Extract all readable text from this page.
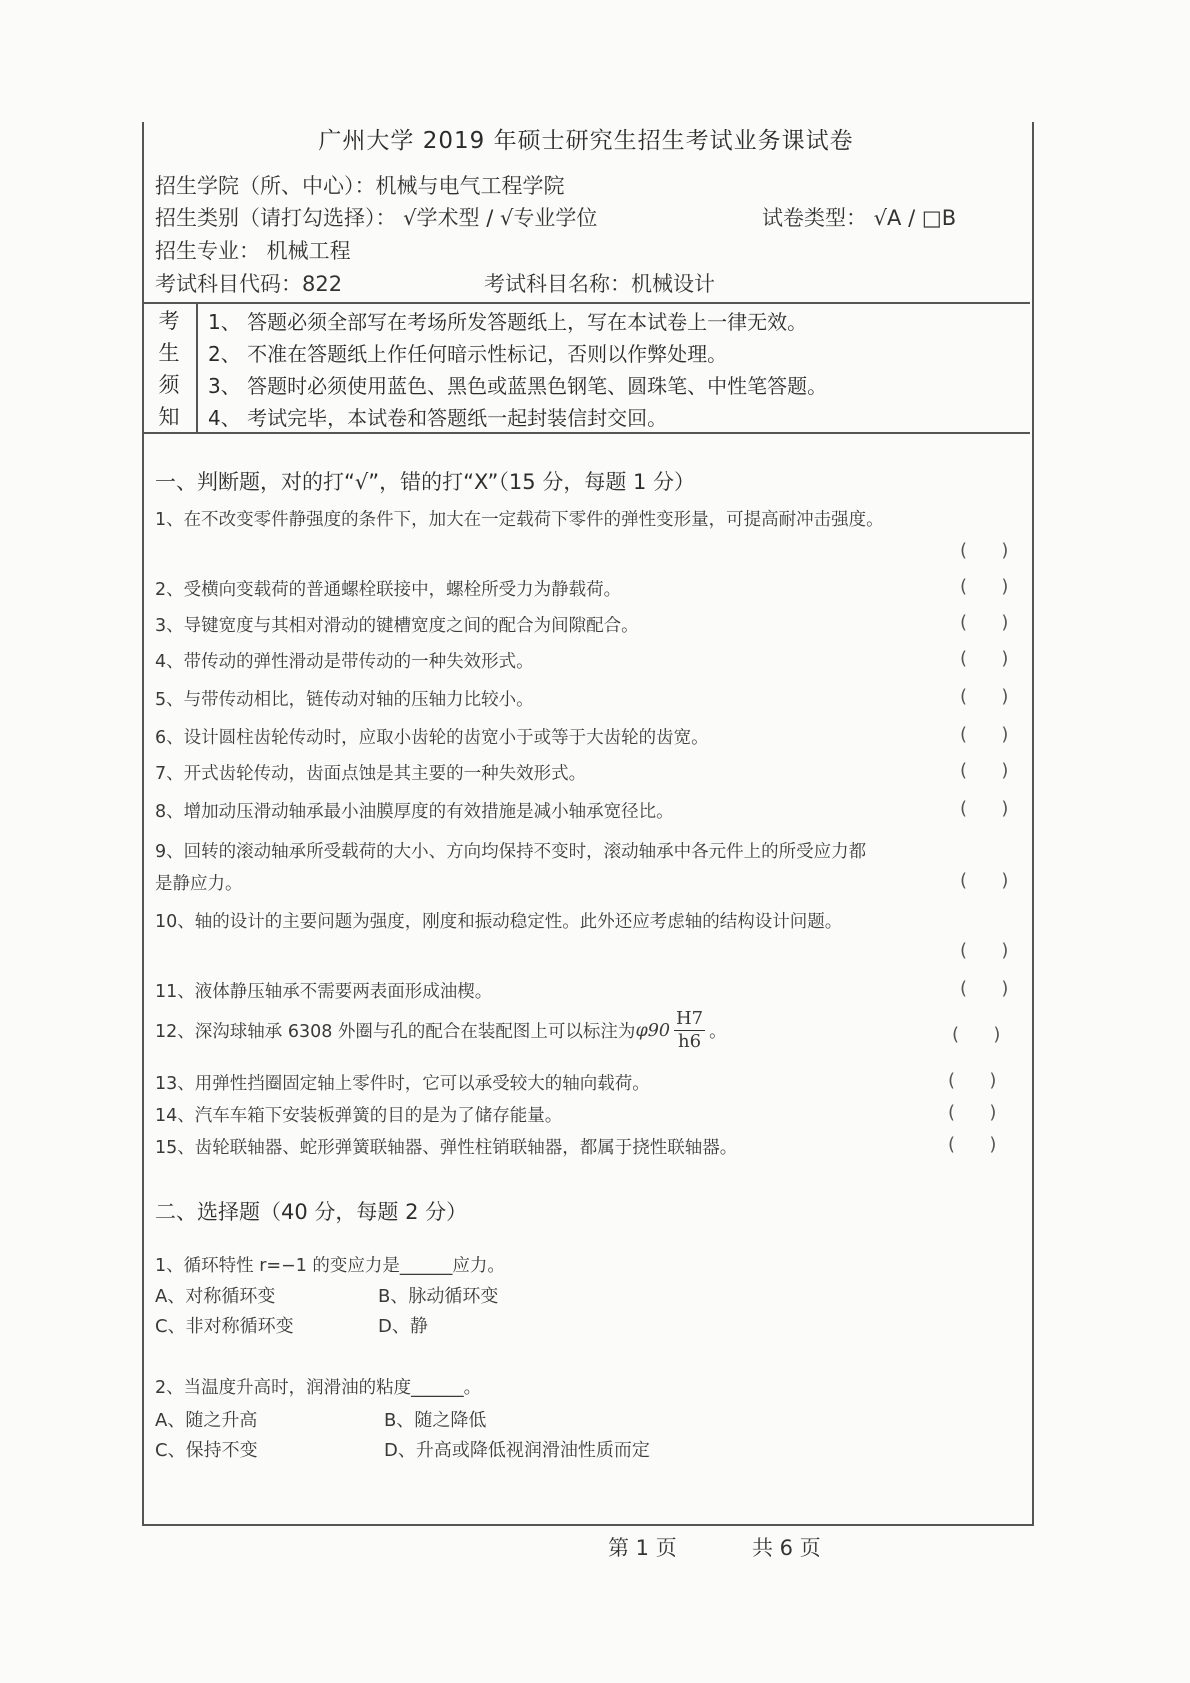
广州大学 2019 年硕士研究生招生考试业务课试卷
招生学院（所、中心）：机械与电气工程学院
招生类别（请打勾选择）： √学术型 / √专业学位	试卷类型： √A / □B
招生专业： 机械工程
考试科目代码：822	考试科目名称：机械设计
考
生
须
知
1、 答题必须全部写在考场所发答题纸上，写在本试卷上一律无效。
2、 不准在答题纸上作任何暗示性标记，否则以作弊处理。
3、 答题时必须使用蓝色、黑色或蓝黑色钢笔、圆珠笔、中性笔答题。
4、 考试完毕，本试卷和答题纸一起封装信封交回。
一、判断题，对的打“√”，错的打“X”（15 分，每题 1 分）
1、在不改变零件静强度的条件下，加大在一定载荷下零件的弹性变形量，可提高耐冲击强度。
(      )
2、受横向变载荷的普通螺栓联接中，螺栓所受力为静载荷。	(      )
3、导键宽度与其相对滑动的键槽宽度之间的配合为间隙配合。	(      )
4、带传动的弹性滑动是带传动的一种失效形式。	(      )
5、与带传动相比，链传动对轴的压轴力比较小。	(      )
6、设计圆柱齿轮传动时，应取小齿轮的齿宽小于或等于大齿轮的齿宽。	(      )
7、开式齿轮传动，齿面点蚀是其主要的一种失效形式。	(      )
8、增加动压滑动轴承最小油膜厚度的有效措施是减小轴承宽径比。	(      )
9、回转的滚动轴承所受载荷的大小、方向均保持不变时，滚动轴承中各元件上的所受应力都
是静应力。	(      )
10、轴的设计的主要问题为强度，刚度和振动稳定性。此外还应考虑轴的结构设计问题。
(      )
11、液体静压轴承不需要两表面形成油楔。	(      )
12、深沟球轴承 6308 外圈与孔的配合在装配图上可以标注为 $\varphi 90 \frac{H7}{h6}$ 。	(      )
13、用弹性挡圈固定轴上零件时，它可以承受较大的轴向载荷。	(      )
14、汽车车箱下安装板弹簧的目的是为了储存能量。	(      )
15、齿轮联轴器、蛇形弹簧联轴器、弹性柱销联轴器，都属于挠性联轴器。	(      )
二、选择题（40 分，每题 2 分）
1、循环特性 r=−1 的变应力是______应力。
A、对称循环变	B、脉动循环变
C、非对称循环变	D、静
2、当温度升高时，润滑油的粘度______。
A、随之升高	B、随之降低
C、保持不变	D、升高或降低视润滑油性质而定
第 1 页	共 6 页
